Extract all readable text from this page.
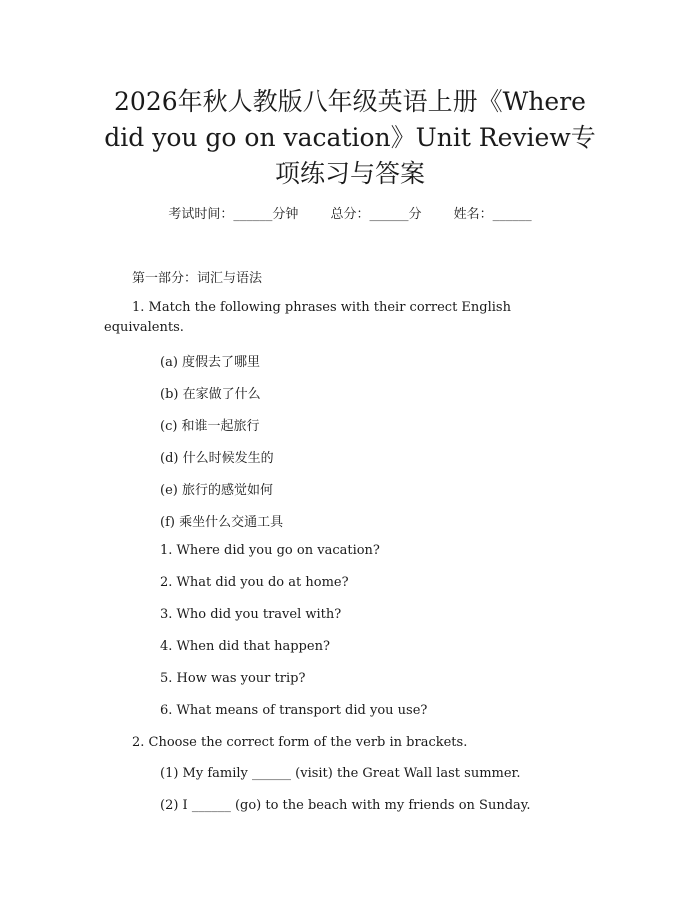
2026年秋人教版八年级英语上册《Where
did you go on vacation》Unit Review专
项练习与答案
考试时间：______分钟 总分：______分 姓名：______
第一部分：词汇与语法
1. Match the following phrases with their correct English
equivalents.
(a) 度假去了哪里
(b) 在家做了什么
(c) 和谁一起旅行
(d) 什么时候发生的
(e) 旅行的感觉如何
(f) 乘坐什么交通工具
1. Where did you go on vacation?
2. What did you do at home?
3. Who did you travel with?
4. When did that happen?
5. How was your trip?
6. What means of transport did you use?
2. Choose the correct form of the verb in brackets.
(1) My family ______ (visit) the Great Wall last summer.
(2) I ______ (go) to the beach with my friends on Sunday.
